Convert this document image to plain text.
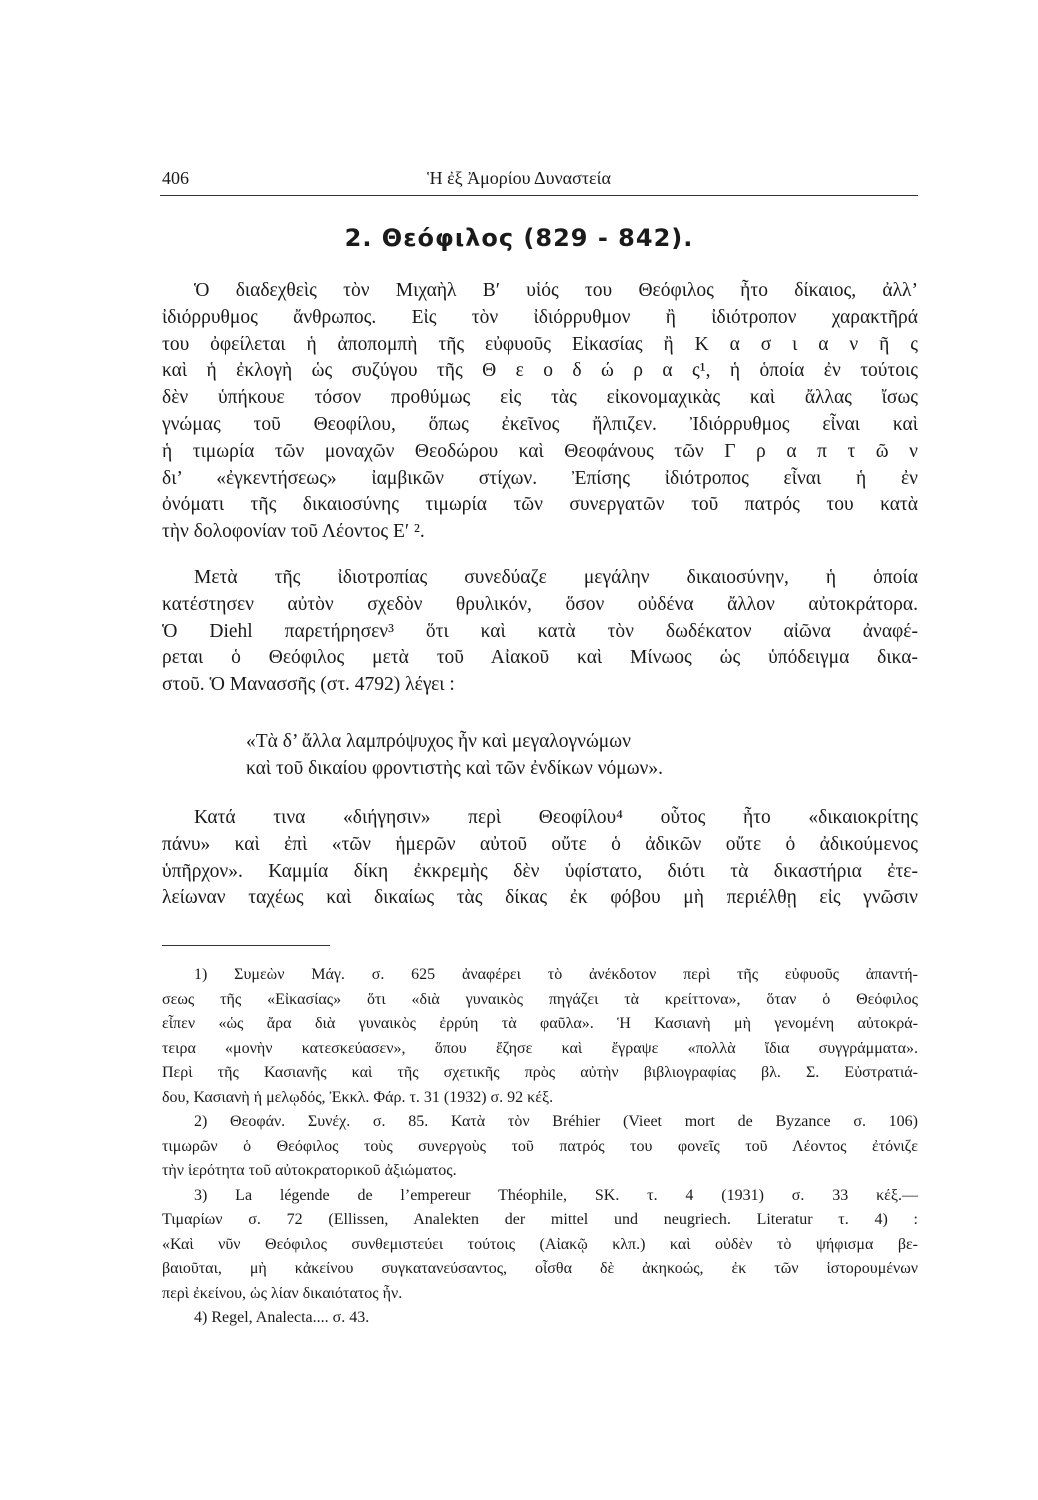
406	Ἡ ἐξ Ἀμορίου Δυναστεία
2. Θεόφιλος (829 - 842).
Ὁ διαδεχθεὶς τὸν Μιχαὴλ Β′ υἱός του Θεόφιλος ἦτο δίκαιος, ἀλλ’
ἰδιόρρυθμος ἄνθρωπος. Εἰς τὸν ἰδιόρρυθμον ἢ ἰδιότροπον χαρακτῆρά
του ὀφείλεται ἡ ἀποπομπὴ τῆς εὐφυοῦς Εἰκασίας ἢ Κ α σ ι α ν ῆ ς
καὶ ἡ ἐκλογὴ ὡς συζύγου τῆς Θ ε ο δ ώ ρ α ς¹, ἡ ὁποία ἐν τούτοις
δὲν ὑπήκουε τόσον προθύμως εἰς τὰς εἰκονομαχικὰς καὶ ἄλλας ἴσως
γνώμας τοῦ Θεοφίλου, ὅπως ἐκεῖνος ἤλπιζεν. Ἰδιόρρυθμος εἶναι καὶ
ἡ τιμωρία τῶν μοναχῶν Θεοδώρου καὶ Θεοφάνους τῶν Γ ρ α π τ ῶ ν
δι’ «ἐγκεντήσεως» ἰαμβικῶν στίχων. Ἐπίσης ἰδιότροπος εἶναι ἡ ἐν
ὀνόματι τῆς δικαιοσύνης τιμωρία τῶν συνεργατῶν τοῦ πατρός του κατὰ
τὴν δολοφονίαν τοῦ Λέοντος Ε′ ².
Μετὰ τῆς ἰδιοτροπίας συνεδύαζε μεγάλην δικαιοσύνην, ἡ ὁποία
κατέστησεν αὐτὸν σχεδὸν θρυλικόν, ὅσον οὐδένα ἄλλον αὐτοκράτορα.
Ὁ Diehl παρετήρησεν³ ὅτι καὶ κατὰ τὸν δωδέκατον αἰῶνα ἀναφέ-
ρεται ὁ Θεόφιλος μετὰ τοῦ Αἰακοῦ καὶ Μίνωος ὡς ὑπόδειγμα δικα-
στοῦ. Ὁ Μανασσῆς (στ. 4792) λέγει :
«Τὰ δ’ ἄλλα λαμπρόψυχος ἦν καὶ μεγαλογνώμων
καὶ τοῦ δικαίου φροντιστὴς καὶ τῶν ἐνδίκων νόμων».
Κατά τινα «διήγησιν» περὶ Θεοφίλου⁴ οὗτος ἦτο «δικαιοκρίτης
πάνυ» καὶ ἐπὶ «τῶν ἡμερῶν αὐτοῦ οὔτε ὁ ἀδικῶν οὔτε ὁ ἀδικούμενος
ὑπῆρχον». Καμμία δίκη ἐκκρεμὴς δὲν ὑφίστατο, διότι τὰ δικαστήρια ἐτε-
λείωναν ταχέως καὶ δικαίως τὰς δίκας ἐκ φόβου μὴ περιέλθῃ εἰς γνῶσιν
1) Συμεὼν Μάγ. σ. 625 ἀναφέρει τὸ ἀνέκδοτον περὶ τῆς εὐφυοῦς ἀπαντή-
σεως τῆς «Εἰκασίας» ὅτι «διὰ γυναικὸς πηγάζει τὰ κρείττονα», ὅταν ὁ Θεόφιλος
εἶπεν «ὡς ἄρα διὰ γυναικὸς ἐρρύη τὰ φαῦλα». Ἡ Κασιανὴ μὴ γενομένη αὐτοκρά-
τειρα «μονὴν κατεσκεύασεν», ὅπου ἔζησε καὶ ἔγραψε «πολλὰ ἴδια συγγράμματα».
Περὶ τῆς Κασιανῆς καὶ τῆς σχετικῆς πρὸς αὐτὴν βιβλιογραφίας βλ. Σ. Εὐστρατιά-
δου, Κασιανὴ ἡ μελῳδός, Ἐκκλ. Φάρ. τ. 31 (1932) σ. 92 κέξ.
2) Θεοφάν. Συνέχ. σ. 85. Κατὰ τὸν Bréhier (Vieet mort de Byzance σ. 106)
τιμωρῶν ὁ Θεόφιλος τοὺς συνεργοὺς τοῦ πατρός του φονεῖς τοῦ Λέοντος ἐτόνιζε
τὴν ἱερότητα τοῦ αὐτοκρατορικοῦ ἀξιώματος.
3) La légende de l’empereur Théophile, SK. τ. 4 (1931) σ. 33 κέξ.—
Τιμαρίων σ. 72 (Ellissen, Analekten der mittel und neugriech. Literatur τ. 4) :
«Καὶ νῦν Θεόφιλος συνθεμιστεύει τούτοις (Αἰακῷ κλπ.) καὶ οὐδὲν τὸ ψήφισμα βε-
βαιοῦται, μὴ κἀκείνου συγκατανεύσαντος, οἶσθα δὲ ἀκηκοώς, ἐκ τῶν ἱστορουμένων
περὶ ἐκείνου, ὡς λίαν δικαιότατος ἦν.
4) Regel, Analecta.... σ. 43.
